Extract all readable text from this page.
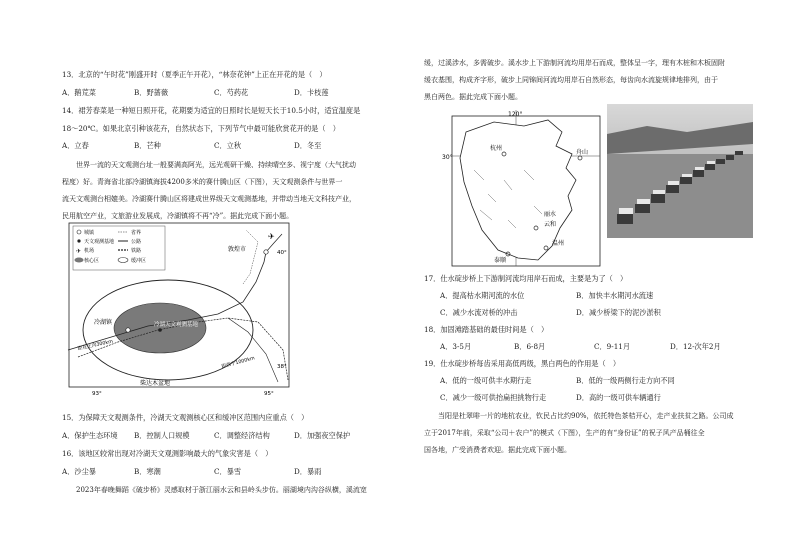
13．北京的“午时花”刚盛开时（夏季正午开花），“林奈花钟”上正在开花的是（　）
A．鹅荒菜	B．野蔷薇	C．芍药花	D．卡枝莲
14．裙芳春菜是一种短日照开花，花期要为适宜的日照时长是短天长于10.5小时，适宜温度是
18～20℃。如果北京引种该花卉，自然状态下，下列节气中最可能欣赏花开的是（　）
A．立春	B．芒种	C．立秋	D．冬至
　　世界一流的天文观测台址一般要满高阿光，远光观研干燥、持续晴空多、视宁度（大气扰动
程度）好。青海省北部冷湖镇海拔4200多米的赛什腾山区（下图），天文观测条件与世界一
流天文观测台相媲美。冷湖赛什腾山区将建成世界级天文观测基地，并带动当地天文科技产业，
民用航空产业，文旅游业发展成，冷湖镇将不再“冷”。据此完成下面小题。
城镇
天文观测基地
✈ 机场
核心区
省界
公路
铁路
缓冲区
敦煌市
✈
冷湖镇	冷湖天文观测基地
距花土沟300km
距西宁1000km
柴达木盆地
40°
38°
93°	95°
15．为保障天文观测条件，冷湖天文观测核心区和缓冲区范围内应重点（　）
A．保护生态环境 B．控制人口规模	C．调整经济结构	D．加强夜空保护
16．该地区较常出现对冷湖天文观测影响最大的气象灾害是（　）
A．沙尘暴	B．寒潮	C．暴雪	D．暴雨
　　2023年春晚舞蹈《破步桥》灵感取材于浙江丽水云和县岭头步仿。丽湖境内沟谷纵横，溪流宽
缓，过溪涉水，多需破步。溪水步上下游制河流均用岸石而成，整体呈一字，理有木桩和木板固附
缓衣基围，构成齐字形，破步上同锦间河流均用岸石自然形态，每齿向水流旋规律地排列，由于
黑白两色。据此完成下面小题。
120°
30°
杭州
舟山
丽水
云和
温州
泰顺
17．仕水碇步桥上下游制河流均用岸石而成，主要是为了（　）
A．提高枯水期河流的水位	B．加快丰水期河水流速
C．减少水流对桥的冲击	D．减少桥梁下的泥沙淤积
18．加固滩踏基础的最佳时间是（　）
A．3-5月	B．6-8月	C．9-11月	D．12-次年2月
19．仕水碇步桥每齿采用高低两级，黑白两色的作用是（　）
A．低的一级可供丰水期行走	B．低的一级两侧行走方向不同
C．减少一级可供抬扁担挑物行走	D．高的一级可供车辆通行
　　当阳是杜翠啡一片的地杭农业，钦民占比约90%，依托特色茶桔开心，走产业扶贫之路。公司成
立于2017年前，采取“公司＋农户”的模式（下图），生产的有“身份证”的祝子风产品桶往全
国各地，广受消费者欢迎。据此完成下面小题。
